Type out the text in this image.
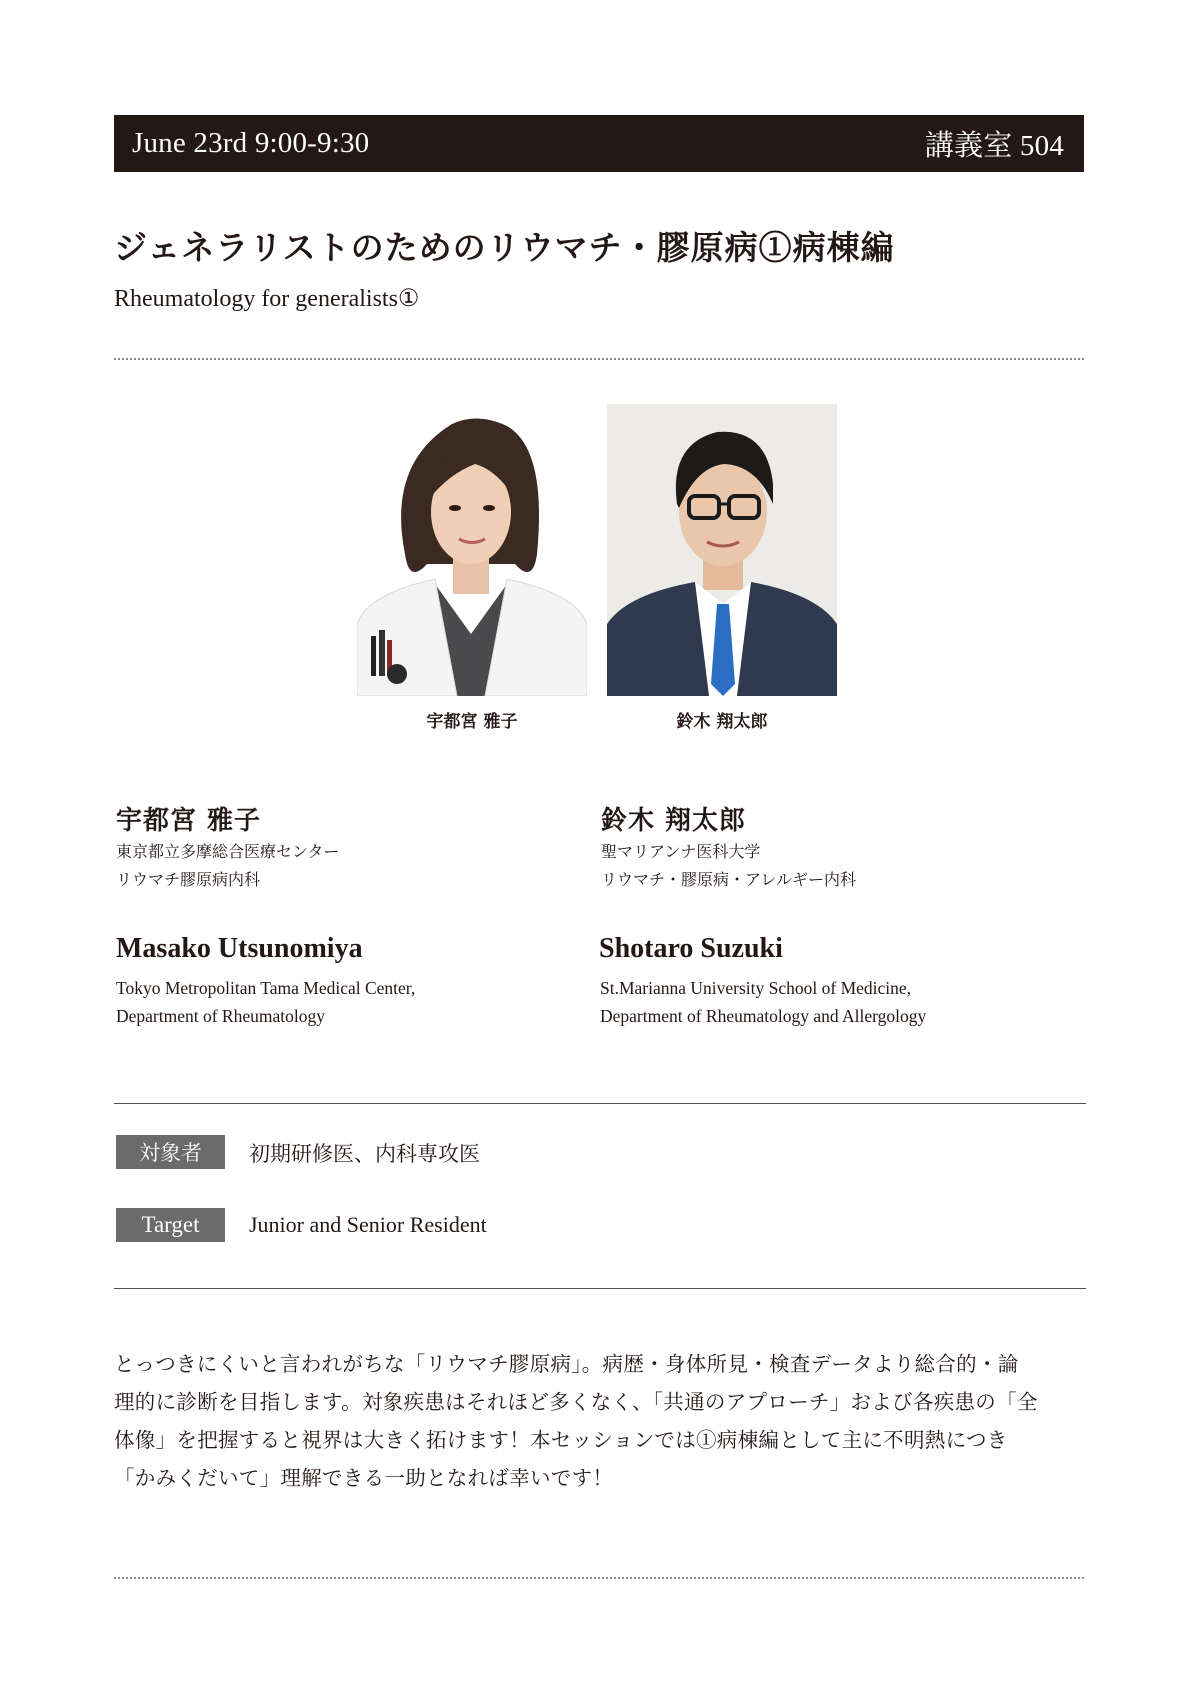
June 23rd 9:00-9:30	講義室 504
ジェネラリストのためのリウマチ・膠原病①病棟編
Rheumatology for generalists①
宇都宮 雅子	鈴木 翔太郎
宇都宮 雅子
東京都立多摩総合医療センター
リウマチ膠原病内科
Masako Utsunomiya
Tokyo Metropolitan Tama Medical Center,
Department of Rheumatology
鈴木 翔太郎
聖マリアンナ医科大学
リウマチ・膠原病・アレルギー内科
Shotaro Suzuki
St.Marianna University School of Medicine,
Department of Rheumatology and Allergology
対象者	初期研修医、内科専攻医
Target	Junior and Senior Resident

とっつきにくいと言われがちな「リウマチ膠原病」。病歴・身体所見・検査データより総合的・論

理的に診断を目指します。対象疾患はそれほど多くなく、「共通のアプローチ」および各疾患の「全

体像」を把握すると視界は大きく拓けます！本セッションでは①病棟編として主に不明熱につき

「かみくだいて」理解できる一助となれば幸いです！
